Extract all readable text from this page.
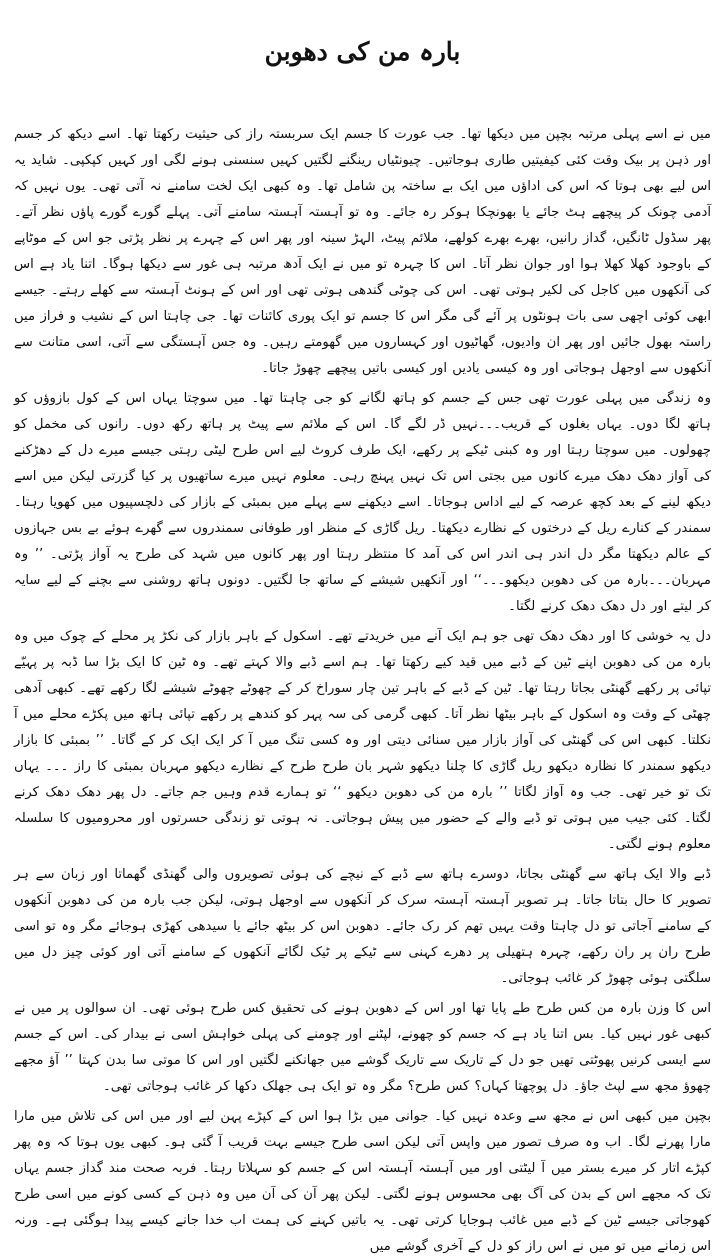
بارہ من کی دھوبن

میں نے اسے پہلی مرتبہ بچپن میں دیکھا تھا۔ جب عورت کا جسم ایک سربستہ راز کی حیثیت رکھتا تھا۔ اسے دیکھ کر جسم اور ذہن پر بیک وقت کئی کیفیتیں طاری ہوجاتیں۔ چیونٹیاں رینگنے لگتیں کہیں سنسنی ہونے لگی اور کہیں کپکپی۔ شاید یہ اس لیے بھی ہوتا کہ اس کی اداؤں میں ایک بے ساختہ پن شامل تھا۔ وہ کبھی ایک لخت سامنے نہ آتی تھی۔ یوں نہیں کہ آدمی چونک کر پیچھے ہٹ جائے یا بھونچکا ہوکر رہ جائے۔ وہ تو آہستہ آہستہ سامنے آتی۔ پہلے گورے گورے پاؤں نظر آتے۔ پھر سڈول ٹانگیں، گداز رانیں، بھرے بھرے کولھے، ملائم پیٹ، الہڑ سینہ اور پھر اس کے چہرے پر نظر پڑتی جو اس کے موٹاپے کے باوجود کھلا کھلا ہوا اور جوان نظر آتا۔ اس کا چہرہ تو میں نے ایک آدھ مرتبہ ہی غور سے دیکھا ہوگا۔ اتنا یاد ہے اس کی آنکھوں میں کاجل کی لکیر ہوتی تھی۔ اس کی چوٹی گندھی ہوتی تھی اور اس کے ہونٹ آہستہ سے کھلے رہتے۔ جیسے ابھی کوئی اچھی سی بات ہونٹوں پر آئے گی مگر اس کا جسم تو ایک پوری کائنات تھا۔ جی چاہتا اس کے نشیب و فراز میں راستہ بھول جائیں اور پھر ان وادیوں، گھاٹیوں اور کہساروں میں گھومتے رہیں۔ وہ جس آہستگی سے آتی، اسی متانت سے آنکھوں سے اوجھل ہوجاتی اور وہ کیسی یادیں اور کیسی باتیں پیچھے چھوڑ جاتا۔

وہ زندگی میں پہلی عورت تھی جس کے جسم کو ہاتھ لگانے کو جی چاہتا تھا۔ میں سوچتا یہاں اس کے کول بازوؤں کو ہاتھ لگا دوں۔ یہاں بغلوں کے قریب۔۔۔نہیں ڈر لگے گا۔ اس کے ملائم سے پیٹ پر ہاتھ رکھ دوں۔ رانوں کی مخمل کو چھولوں۔ میں سوچتا رہتا اور وہ کبنی ٹیکے پر رکھے، ایک طرف کروٹ لیے اس طرح لیٹی رہتی جیسے میرے دل کے دھڑکنے کی آواز دھک دھک میرے کانوں میں بجتی اس تک نہیں پہنچ رہی۔ معلوم نہیں میرے ساتھیوں پر کیا گزرتی لیکن میں اسے دیکھ لینے کے بعد کچھ عرصہ کے لیے اداس ہوجاتا۔ اسے دیکھنے سے پہلے میں بمبئی کے بازار کی دلچسپیوں میں کھویا رہتا۔ سمندر کے کنارے ریل کے درختوں کے نظارے دیکھتا۔ ریل گاڑی کے منظر اور طوفانی سمندروں سے گھرے ہوئے بے بس جہازوں کے عالم دیکھتا مگر دل اندر ہی اندر اس کی آمد کا منتظر رہتا اور پھر کانوں میں شہد کی طرح یہ آواز پڑتی۔ ’’ وہ مہربان۔۔۔بارہ من کی دھوبن دیکھو۔۔۔‘‘ اور آنکھیں شیشے کے ساتھ جا لگتیں۔ دونوں ہاتھ روشنی سے بچنے کے لیے سایہ کر لیتے اور دل دھک دھک کرنے لگتا۔

دل یہ خوشی کا اور دھک دھک تھی جو ہم ایک آنے میں خریدتے تھے۔ اسکول کے باہر بازار کی نکڑ پر محلے کے چوک میں وہ بارہ من کی دھوبن اپنے ٹین کے ڈبے میں قید کیے رکھتا تھا۔ ہم اسے ڈبے والا کہتے تھے۔ وہ ٹین کا ایک بڑا سا ڈبہ پر پہیّے تپائی پر رکھے گھنٹی بجاتا رہتا تھا۔ ٹین کے ڈبے کے باہر تین چار سوراخ کر کے چھوٹے چھوٹے شیشے لگا رکھے تھے۔ کبھی آدھی چھٹی کے وقت وہ اسکول کے باہر بیٹھا نظر آتا۔ کبھی گرمی کی سہ پہر کو کندھے پر رکھے تپائی ہاتھ میں پکڑے محلے میں آ نکلتا۔ کبھی اس کی گھنٹی کی آواز بازار میں سنائی دیتی اور وہ کسی تنگ میں آ کر ایک ایک کر کے گاتا۔ ’’ بمبئی کا بازار دیکھو سمندر کا نظارہ دیکھو ریل گاڑی کا چلنا دیکھو شہر بان طرح طرح کے نظارے دیکھو مہربان بمبئی کا راز ۔۔۔ یہاں تک تو خیر تھی۔ جب وہ آواز لگاتا ’’ بارہ من کی دھوبن دیکھو ‘‘ تو ہمارے قدم وہیں جم جاتے۔ دل پھر دھک دھک کرنے لگتا۔ کئی جیب میں ہوتی تو ڈبے والے کے حضور میں پیش ہوجاتی۔ نہ ہوتی تو زندگی حسرتوں اور محرومیوں کا سلسلہ معلوم ہونے لگتی۔

ڈبے والا ایک ہاتھ سے گھنٹی بجاتا، دوسرے ہاتھ سے ڈبے کے نیچے کی ہوئی تصویروں والی گھنڈی گھماتا اور زبان سے ہر تصویر کا حال بتاتا جاتا۔ ہر تصویر آہستہ آہستہ سرک کر آنکھوں سے اوجھل ہوتی، لیکن جب بارہ من کی دھوبن آنکھوں کے سامنے آجاتی تو دل چاہتا وقت یہیں تھم کر رک جائے۔ دھوبن اس کر بیٹھ جائے یا سیدھی کھڑی ہوجائے مگر وہ تو اسی طرح ران پر ران رکھے، چہرہ ہتھیلی پر دھرے کہنی سے ٹیکے پر ٹیک لگائے آنکھوں کے سامنے آتی اور کوئی چیز دل میں سلگتی ہوئی چھوڑ کر غائب ہوجاتی۔

اس کا وزن بارہ من کس طرح طے پایا تھا اور اس کے دھوبن ہونے کی تحقیق کس طرح ہوئی تھی۔ ان سوالوں پر میں نے کبھی غور نہیں کیا۔ بس اتنا یاد ہے کہ جسم کو چھونے، لپٹنے اور چومنے کی پہلی خواہش اسی نے بیدار کی۔ اس کے جسم سے ایسی کرنیں پھوٹتی تھیں جو دل کے تاریک سے تاریک گوشے میں جھانکنے لگتیں اور اس کا موتی سا بدن کہتا ’’ آؤ مجھے چھوؤ مجھ سے لپٹ جاؤ۔ دل پوچھتا کہاں؟ کس طرح؟ مگر وہ تو ایک ہی جھلک دکھا کر غائب ہوجاتی تھی۔

بچپن میں کبھی اس نے مجھ سے وعدہ نہیں کیا۔ جوانی میں بڑا ہوا اس کے کپڑے پہن لیے اور میں اس کی تلاش میں مارا مارا پھرنے لگا۔ اب وہ صرف تصور میں واپس آتی لیکن اسی طرح جیسے بہت قریب آ گئی ہو۔ کبھی یوں ہوتا کہ وہ پھر کپڑے اتار کر میرے بستر میں آ لیٹتی اور میں آہستہ آہستہ اس کے جسم کو سہلاتا رہتا۔ فربہ صحت مند گداز جسم یہاں تک کہ مجھے اس کے بدن کی آگ بھی محسوس ہونے لگتی۔ لیکن پھر آن کی آن میں وہ ذہن کے کسی کونے میں اسی طرح کھوجاتی جیسے ٹین کے ڈبے میں غائب ہوجایا کرتی تھی۔ یہ باتیں کہنے کی ہمت اب خدا جانے کیسے پیدا ہوگئی ہے۔ ورنہ اس زمانے میں تو میں نے اس راز کو دل کے آخری گوشے میں
